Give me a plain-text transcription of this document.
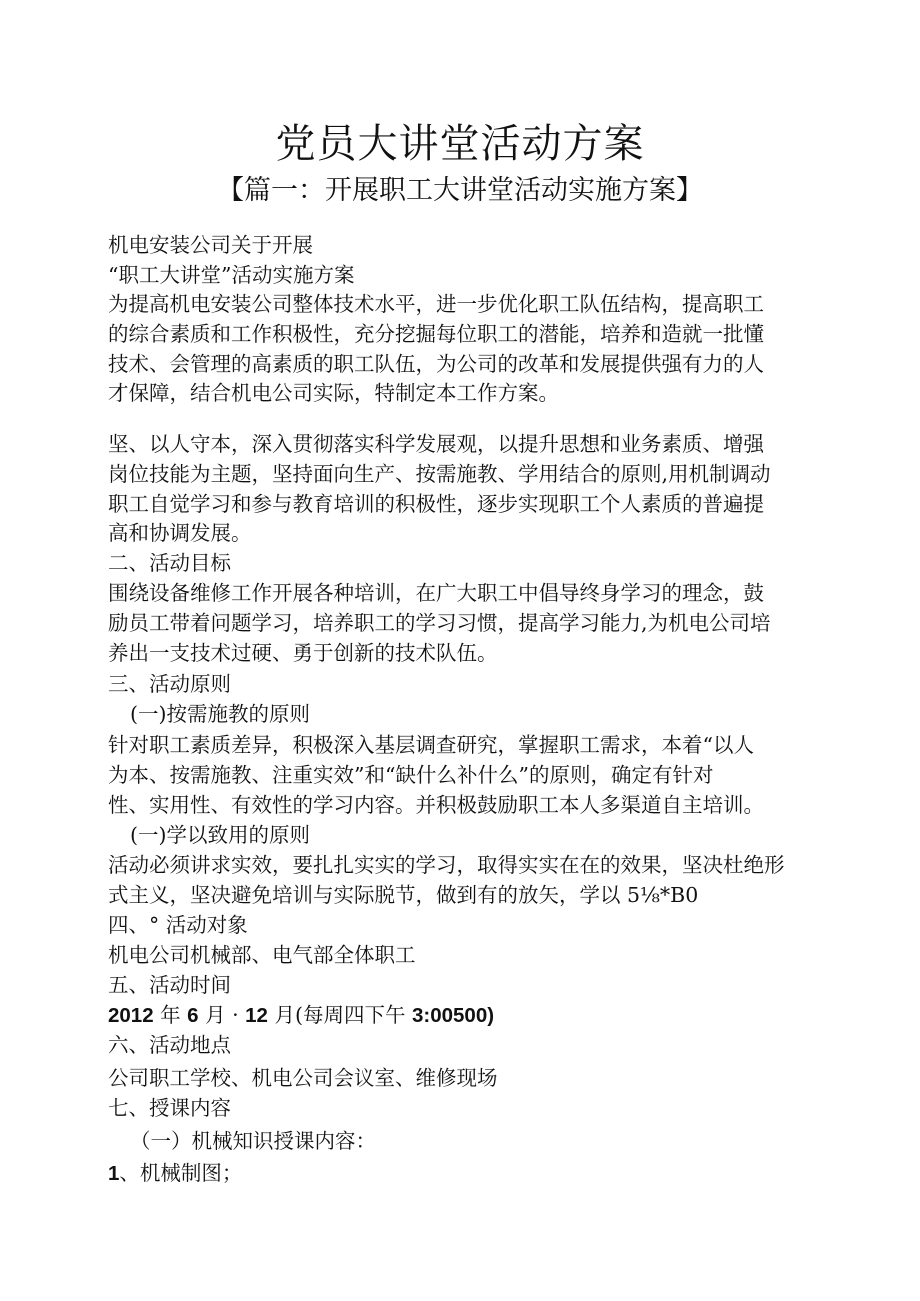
党员大讲堂活动方案
【篇一：开展职工大讲堂活动实施方案】
机电安装公司关于开展
“职工大讲堂”活动实施方案
为提高机电安装公司整体技术水平，进一步优化职工队伍结构，提高职工
的综合素质和工作积极性，充分挖掘每位职工的潜能，培养和造就一批懂
技术、会管理的高素质的职工队伍，为公司的改革和发展提供强有力的人
才保障，结合机电公司实际，特制定本工作方案。
坚、以人守本，深入贯彻落实科学发展观，以提升思想和业务素质、增强
岗位技能为主题，坚持面向生产、按需施教、学用结合的原则,用机制调动
职工自觉学习和参与教育培训的积极性，逐步实现职工个人素质的普遍提
高和协调发展。
二、活动目标
围绕设备维修工作开展各种培训，在广大职工中倡导终身学习的理念，鼓
励员工带着问题学习，培养职工的学习习惯，提高学习能力,为机电公司培
养出一支技术过硬、勇于创新的技术队伍。
三、活动原则
(一)按需施教的原则
针对职工素质差异，积极深入基层调查研究，掌握职工需求，本着“以人
为本、按需施教、注重实效”和“缺什么补什么”的原则，确定有针对
性、实用性、有效性的学习内容。并积极鼓励职工本人多渠道自主培训。
(一)学以致用的原则
活动必须讲求实效，要扎扎实实的学习，取得实实在在的效果，坚决杜绝形
式主义，坚决避免培训与实际脱节，做到有的放矢，学以 5⅛*B0
四、° 活动对象
机电公司机械部、电气部全体职工
五、活动时间
2012 年 6 月 · 12 月(每周四下午 3:00500)
六、活动地点
公司职工学校、机电公司会议室、维修现场
七、授课内容
（一）机械知识授课内容：
1、机械制图；
